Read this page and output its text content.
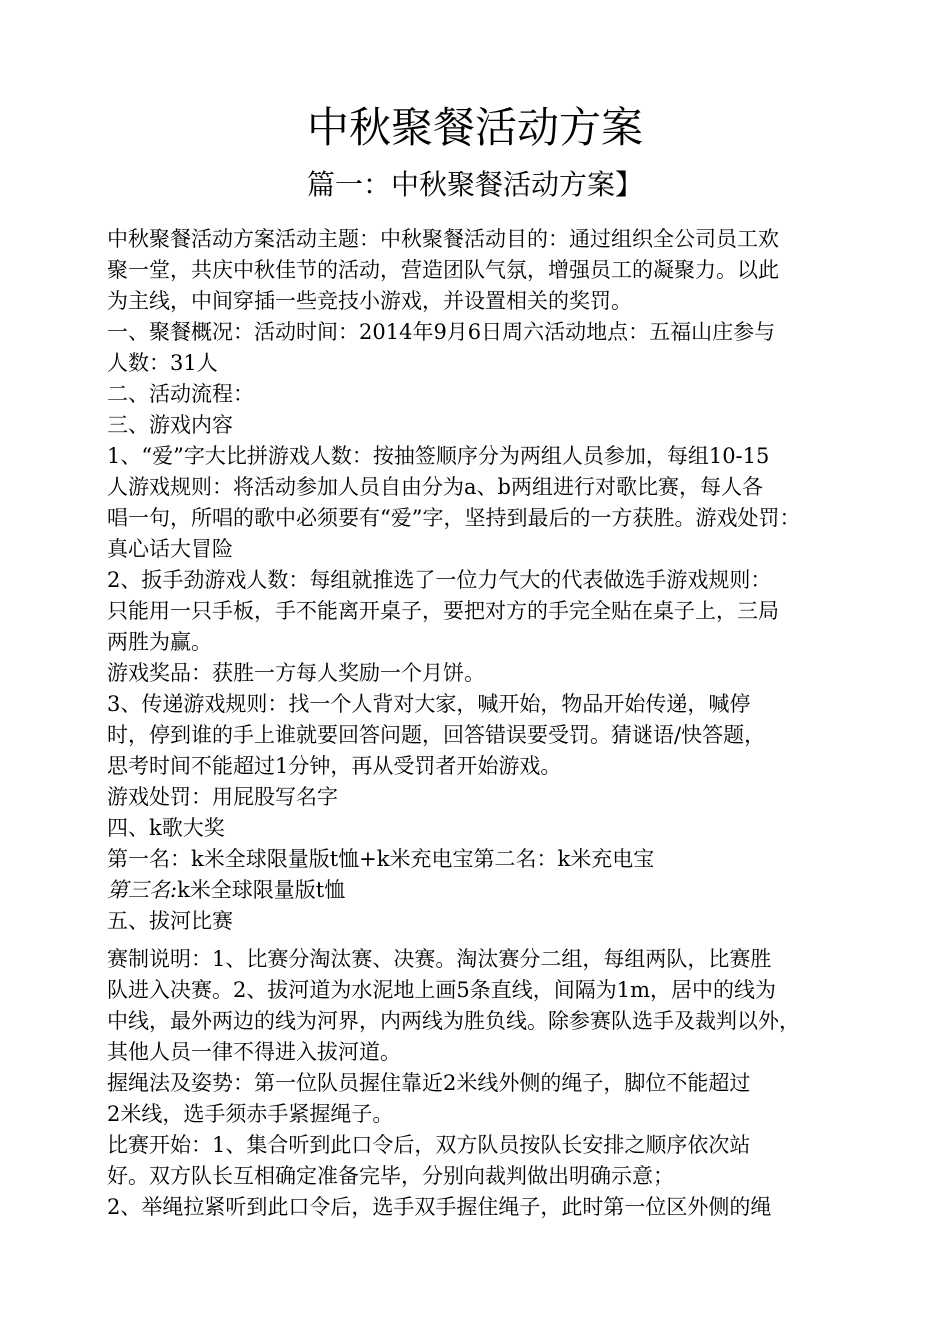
中秋聚餐活动方案
篇一：中秋聚餐活动方案】
中秋聚餐活动方案活动主题：中秋聚餐活动目的：通过组织全公司员工欢
聚一堂，共庆中秋佳节的活动，营造团队气氛，增强员工的凝聚力。以此
为主线，中间穿插一些竞技小游戏，并设置相关的奖罚。
一、聚餐概况：活动时间：2014年9月6日周六活动地点：五福山庄参与
人数：31人
二、活动流程：
三、游戏内容
1、“爱”字大比拼游戏人数：按抽签顺序分为两组人员参加，每组10-15
人游戏规则：将活动参加人员自由分为a、b两组进行对歌比赛，每人各
唱一句，所唱的歌中必须要有“爱”字，坚持到最后的一方获胜。游戏处罚：
真心话大冒险
2、扳手劲游戏人数：每组就推选了一位力气大的代表做选手游戏规则：
只能用一只手板，手不能离开桌子，要把对方的手完全贴在桌子上，三局
两胜为赢。
游戏奖品：获胜一方每人奖励一个月饼。
3、传递游戏规则：找一个人背对大家，喊开始，物品开始传递，喊停
时，停到谁的手上谁就要回答问题，回答错误要受罚。猜谜语/快答题，
思考时间不能超过1分钟，再从受罚者开始游戏。
游戏处罚：用屁股写名字
四、k歌大奖
第一名：k米全球限量版t恤+k米充电宝第二名：k米充电宝
第三名:k米全球限量版t恤
五、拔河比赛
赛制说明：1、比赛分淘汰赛、决赛。淘汰赛分二组，每组两队，比赛胜
队进入决赛。2、拔河道为水泥地上画5条直线，间隔为1m，居中的线为
中线，最外两边的线为河界，内两线为胜负线。除参赛队选手及裁判以外，
其他人员一律不得进入拔河道。
握绳法及姿势：第一位队员握住靠近2米线外侧的绳子，脚位不能超过
2米线，选手须赤手紧握绳子。
比赛开始：1、集合听到此口令后，双方队员按队长安排之顺序依次站
好。双方队长互相确定准备完毕，分别向裁判做出明确示意；
2、举绳拉紧听到此口令后，选手双手握住绳子，此时第一位区外侧的绳
